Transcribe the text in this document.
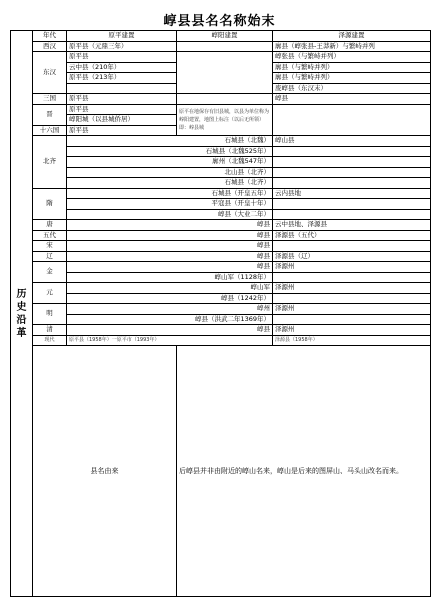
崞县县名名称始末
历史沿革	年代	原平建置	崞阳建置	泽源建置	
	西汉	原平县（元鼎三年）		廓县（崞张县-王莽新）与繁峙并列	
	东汉	原平县		崞张县（与繁峙并列）	
		云中县（210年）		廓县（与繁峙并列）	
		原平县（213年）		廓县（与繁峙并列）	
				废崞县（东汉末）	
	三国	原平县		崞县	
	晋	原平县	原平在地保存有旧县城，以县为单位称为崞阳建置，地图上标注（以后无所领）即：崞县城		
		崞阳城（以县城侨居）			
	十六国	原平县			
	北齐	石城县（北魏）		崞山县	
		石城县（北魏525年）			
		廓州（北魏547年）			
		北山县（北齐）			
		石城县（北齐）			
	隋	石城县（开皇五年）		云内县地	
		平寇县（开皇十年）			
		崞县（大业二年）			
	唐	崞县		云中县地、泽源县	
	五代	崞县		泽源县（五代）	
	宋	崞县			
	辽	崞县		泽源县（辽）	
	金	崞县		泽源州	
		崞山军（1128年）			
	元	崞山军		泽源州	
		崞县（1242年）			
	明	崞州		泽源州	
		崞县（洪武二年1369年）			
	清	崞县		泽源州	
	现代	原平县（1958年）一原平市（1993年）		泽源县（1958年）	
	县名由来		后崞县并非由附近的崞山名来，崞山是后来的图屏山、马头山改名而来。	
